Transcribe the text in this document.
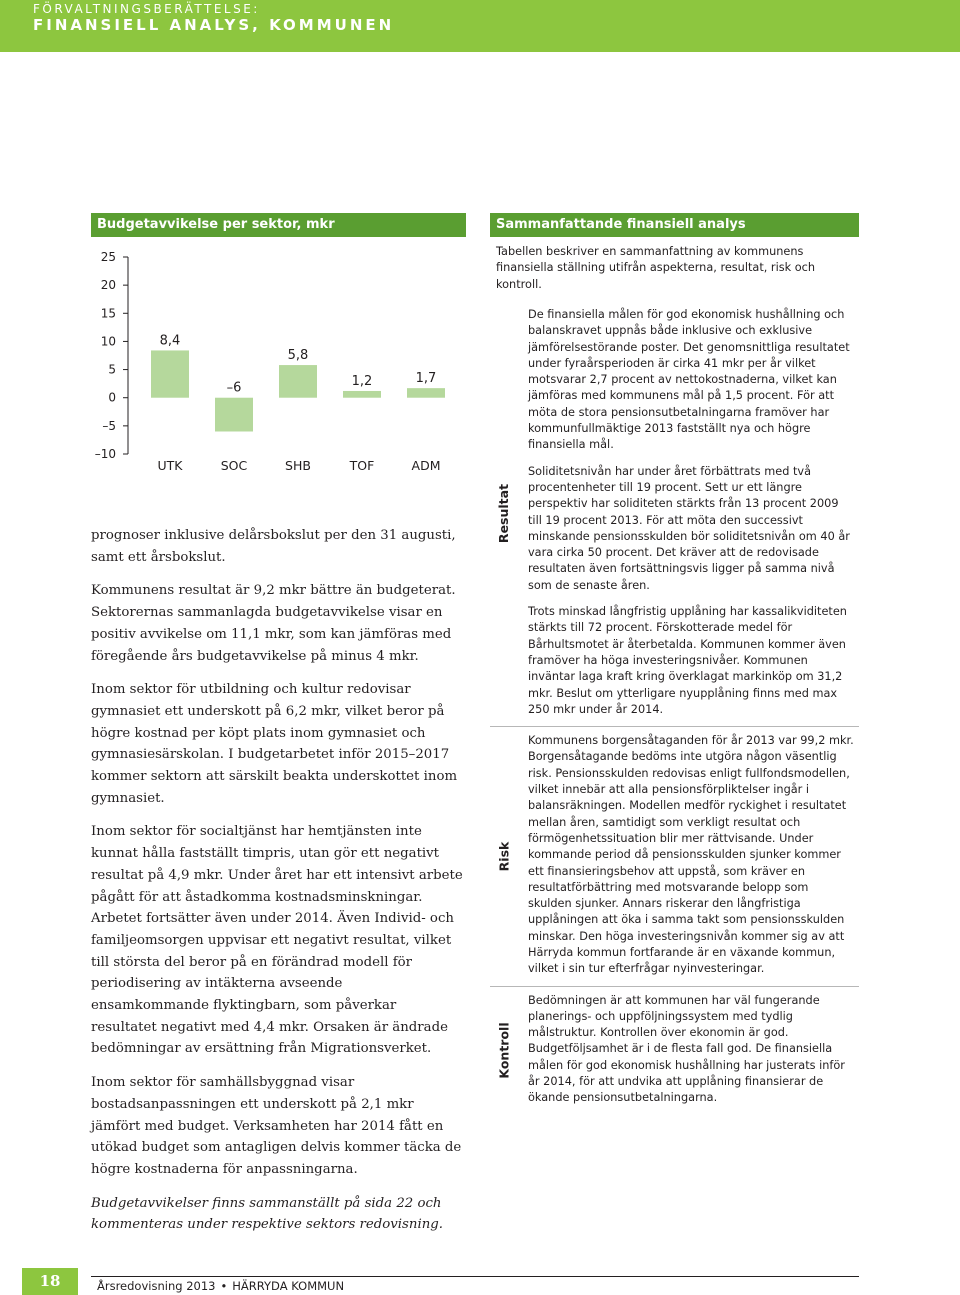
FÖRVALTNINGSBERÄTTELSE:
FINANSIELL ANALYS, KOMMUNEN
Budgetavvikelse per sektor, mkr
25
20
15
10
5
0
–5
–10
8,4
UTK
–6
SOC
5,8
SHB
1,2
TOF
1,7
ADM

prognoser inklusive delårsbokslut per den 31 augusti, samt ett årsbokslut.

Kommunens resultat är 9,2 mkr bättre än budgeterat.

Sektorernas sammanlagda budgetavvikelse visar en positiv avvikelse om 11,1 mkr, som kan jämföras med föregående års budgetavvikelse på minus 4 mkr.

Inom sektor för utbildning och kultur redovisar gymnasiet ett underskott på 6,2 mkr, vilket beror på högre kostnad per köpt plats inom gymnasiet och gymnasiesärskolan. I budgetarbetet inför 2015–2017 kommer sektorn att särskilt beakta underskottet inom gymnasiet.

Inom sektor för socialtjänst har hemtjänsten inte kunnat hålla fastställt timpris, utan gör ett negativt resultat på 4,9 mkr. Under året har ett intensivt arbete pågått för att åstadkomma kostnadsminskningar. Arbetet fortsätter även under 2014. Även Individ- och familjeomsorgen uppvisar ett negativt resultat, vilket till största del beror på en förändrad modell för periodisering av intäkterna avseende ensamkommande flyktingbarn, som påverkar resultatet negativt med 4,4 mkr. Orsaken är ändrade bedömningar av ersättning från Migrationsverket.

Inom sektor för samhällsbyggnad visar bostadsanpassningen ett underskott på 2,1 mkr jämfört med budget. Verksamheten har 2014 fått en utökad budget som antagligen delvis kommer täcka de högre kostnaderna för anpassningarna.

Budgetavvikelser finns sammanställt på sida 22 och kommenteras under respektive sektors redovisning.

Sammanfattande finansiell analys
Tabellen beskriver en sammanfattning av kommunens finansiella ställning utifrån aspekterna, resultat, risk och kontroll.
Resultat

De finansiella målen för god ekonomisk hushållning och balanskravet uppnås både inklusive och exklusive jämförelsestörande poster. Det genomsnittliga resultatet under fyraårsperioden är cirka 41 mkr per år vilket motsvarar 2,7 procent av nettokostnaderna, vilket kan jämföras med kommunens mål på 1,5 procent. För att möta de stora pensionsutbetalningarna framöver har kommunfullmäktige 2013 fastställt nya och högre finansiella mål.

Soliditetsnivån har under året förbättrats med två procentenheter till 19 procent. Sett ur ett längre perspektiv har soliditeten stärkts från 13 procent 2009 till 19 procent 2013. För att möta den successivt minskande pensionsskulden bör soliditetsnivån om 40 år vara cirka 50 procent. Det kräver att de redovisade resultaten även fortsättningsvis ligger på samma nivå som de senaste åren.

Trots minskad långfristig upplåning har kassalikviditeten stärkts till 72 procent. Förskotterade medel för Bårhultsmotet är återbetalda. Kommunen kommer även framöver ha höga investeringsnivåer. Kommunen inväntar laga kraft kring överklagat markinköp om 31,2 mkr. Beslut om ytterligare nyupplåning finns med max 250 mkr under år 2014.

Risk

Kommunens borgensåtaganden för år 2013 var 99,2 mkr. Borgensåtagande bedöms inte utgöra någon väsentlig risk. Pensionsskulden redovisas enligt fullfondsmodellen, vilket innebär att alla pensionsförpliktelser ingår i balansräkningen. Modellen medför ryckighet i resultatet mellan åren, samtidigt som verkligt resultat och förmögenhetssituation blir mer rättvisande. Under kommande period då pensionsskulden sjunker kommer ett finansieringsbehov att uppstå, som kräver en resultatförbättring med motsvarande belopp som skulden sjunker. Annars riskerar den långfristiga upplåningen att öka i samma takt som pensionsskulden minskar. Den höga investeringsnivån kommer sig av att Härryda kommun fortfarande är en växande kommun, vilket i sin tur efterfrågar nyinvesteringar.

Kontroll

Bedömningen är att kommunen har väl fungerande planerings- och uppföljningssystem med tydlig målstruktur. Kontrollen över ekonomin är god. Budgetföljsamhet är i de flesta fall god. De finansiella målen för god ekonomisk hushållning har justerats inför år 2014, för att undvika att upplåning finansierar de ökande pensionsutbetalningarna.

18	Årsredovisning 2013 • HÄRRYDA KOMMUN
